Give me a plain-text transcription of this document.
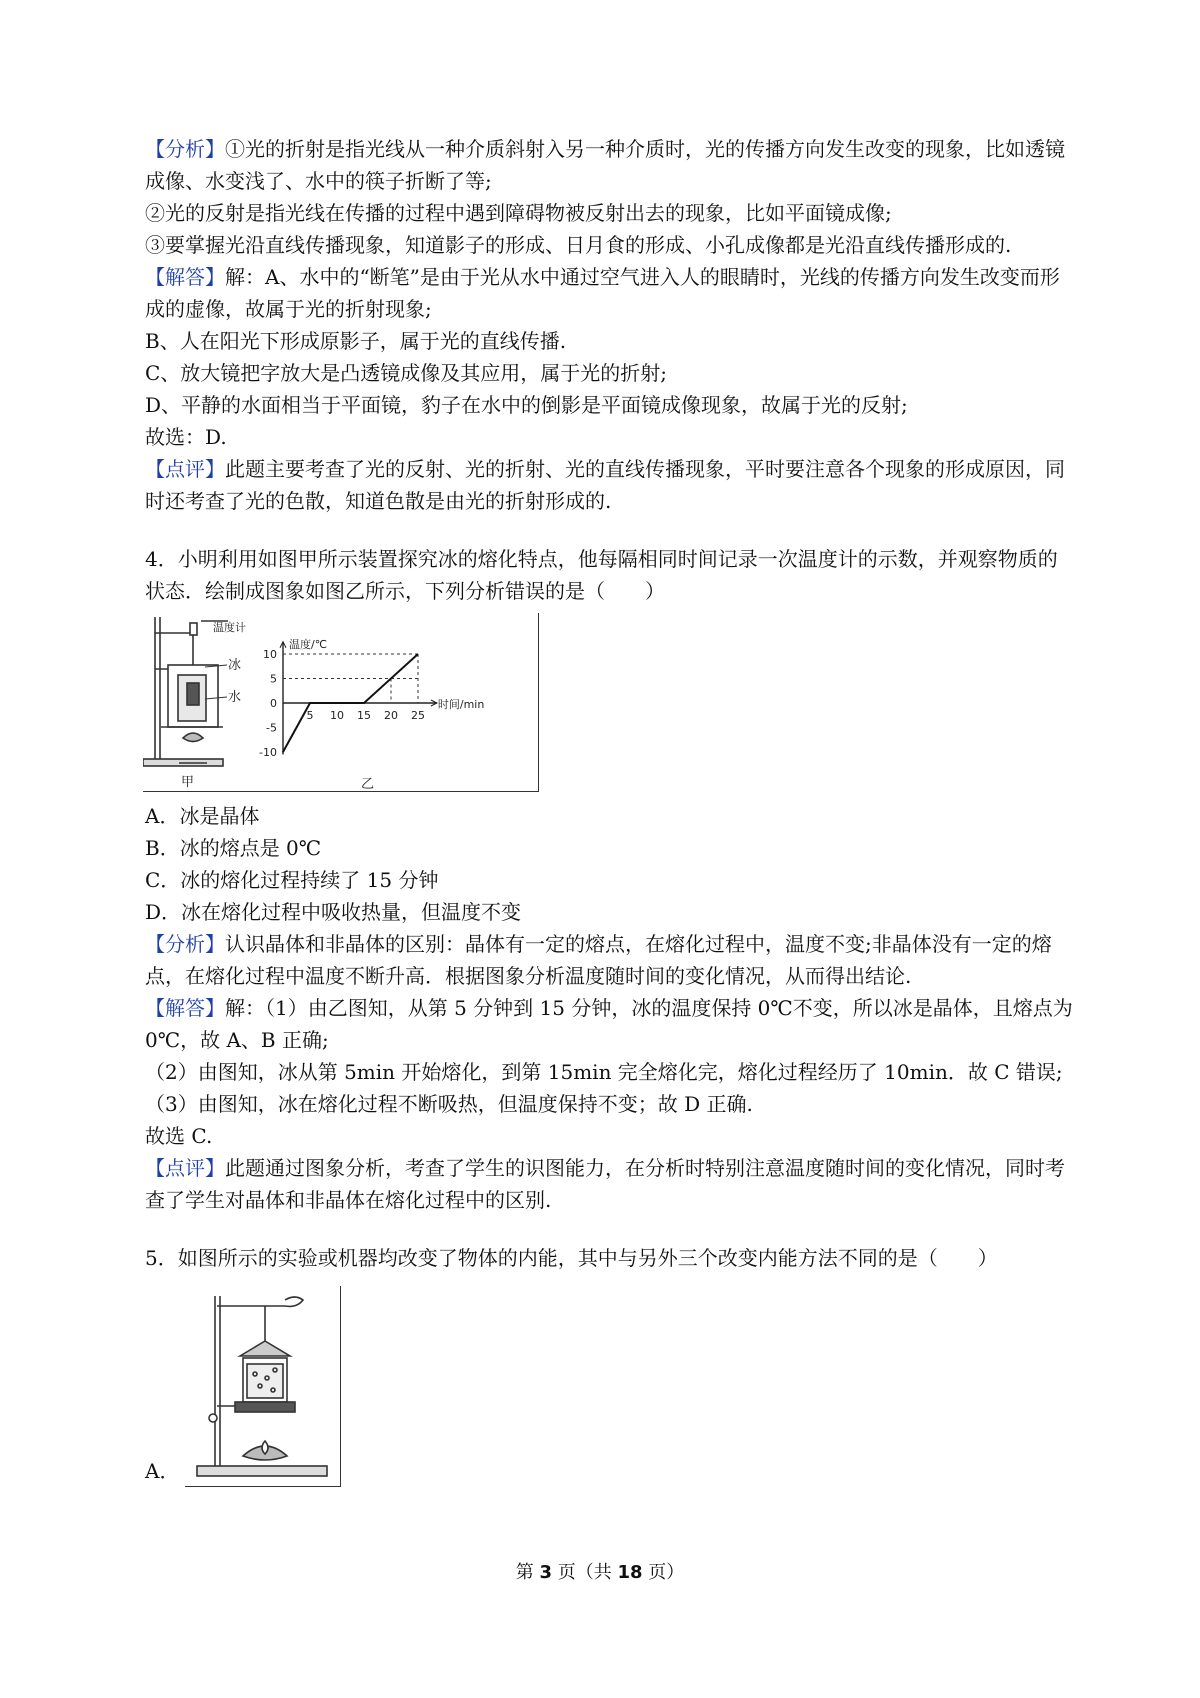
【分析】①光的折射是指光线从一种介质斜射入另一种介质时，光的传播方向发生改变的现象，比如透镜成像、水变浅了、水中的筷子折断了等;

②光的反射是指光线在传播的过程中遇到障碍物被反射出去的现象，比如平面镜成像;

③要掌握光沿直线传播现象，知道影子的形成、日月食的形成、小孔成像都是光沿直线传播形成的.

【解答】解：A、水中的“断笔”是由于光从水中通过空气进入人的眼睛时，光线的传播方向发生改变而形成的虚像，故属于光的折射现象;

B、人在阳光下形成原影子，属于光的直线传播.

C、放大镜把字放大是凸透镜成像及其应用，属于光的折射;

D、平静的水面相当于平面镜，豹子在水中的倒影是平面镜成像现象，故属于光的反射;

故选：D.

【点评】此题主要考查了光的反射、光的折射、光的直线传播现象，平时要注意各个现象的形成原因，同时还考查了光的色散，知道色散是由光的折射形成的.

4．小明利用如图甲所示装置探究冰的熔化特点，他每隔相同时间记录一次温度计的示数，并观察物质的状态．绘制成图象如图乙所示，下列分析错误的是（　　）

温度计
冰
水
甲
温度/℃
时间/min
10
5
0
-5
-10
5 10 15 20 25
乙

A．冰是晶体

B．冰的熔点是 0℃

C．冰的熔化过程持续了 15 分钟

D．冰在熔化过程中吸收热量，但温度不变

【分析】认识晶体和非晶体的区别：晶体有一定的熔点，在熔化过程中，温度不变;非晶体没有一定的熔点，在熔化过程中温度不断升高．根据图象分析温度随时间的变化情况，从而得出结论.

【解答】解：（1）由乙图知，从第 5 分钟到 15 分钟，冰的温度保持 0℃不变，所以冰是晶体，且熔点为 0℃，故 A、B 正确;

（2）由图知，冰从第 5min 开始熔化，到第 15min 完全熔化完，熔化过程经历了 10min．故 C 错误;

（3）由图知，冰在熔化过程不断吸热，但温度保持不变；故 D 正确.

故选 C.

【点评】此题通过图象分析，考查了学生的识图能力，在分析时特别注意温度随时间的变化情况，同时考查了学生对晶体和非晶体在熔化过程中的区别.

5．如图所示的实验或机器均改变了物体的内能，其中与另外三个改变内能方法不同的是（　　）

A．
第 3 页（共 18 页）
